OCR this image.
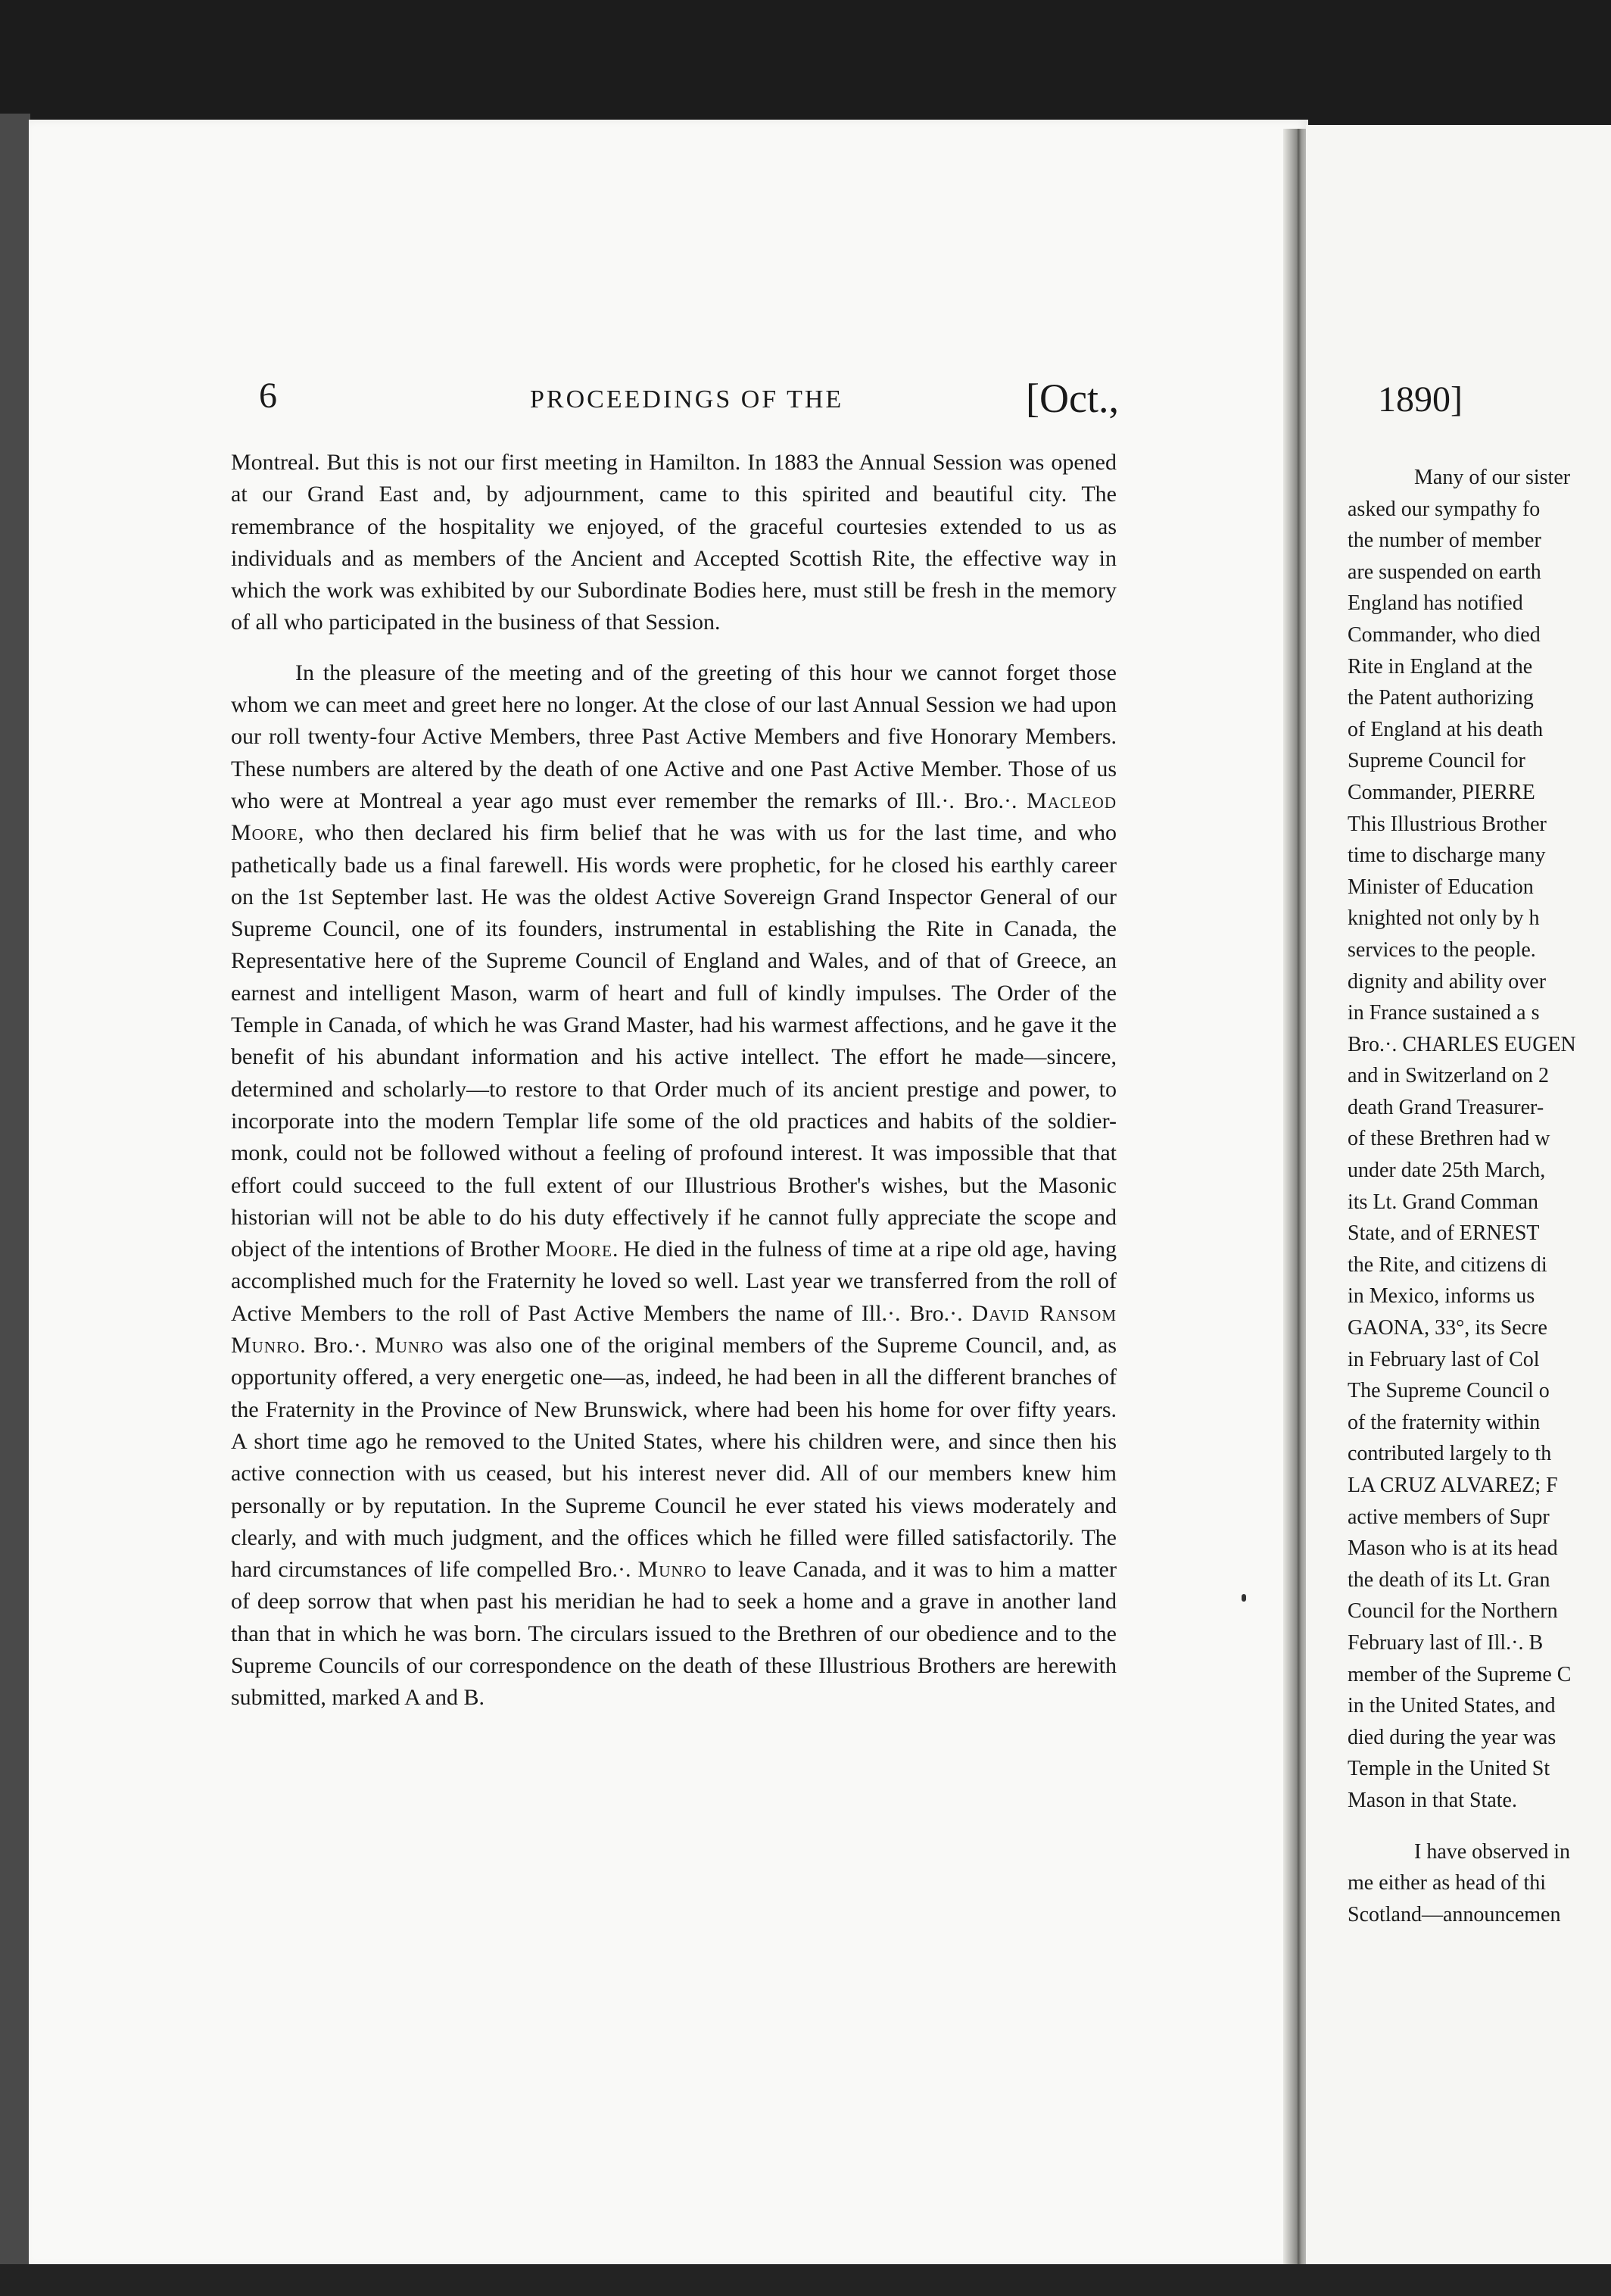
6	PROCEEDINGS OF THE	[Oct.,

Montreal. But this is not our first meeting in Hamilton. In 1883 the Annual Session was opened at our Grand East and, by adjournment, came to this spirited and beautiful city. The remembrance of the hospitality we enjoyed, of the graceful courtesies extended to us as individuals and as members of the Ancient and Accepted Scottish Rite, the effective way in which the work was exhibited by our Subordinate Bodies here, must still be fresh in the memory of all who participated in the business of that Session.

In the pleasure of the meeting and of the greeting of this hour we cannot forget those whom we can meet and greet here no longer. At the close of our last Annual Session we had upon our roll twenty-four Active Members, three Past Active Members and five Honorary Members. These numbers are altered by the death of one Active and one Past Active Member. Those of us who were at Montreal a year ago must ever remember the remarks of Ill.·. Bro.·. Macleod Moore, who then declared his firm belief that he was with us for the last time, and who pathetically bade us a final farewell. His words were prophetic, for he closed his earthly career on the 1st September last. He was the oldest Active Sovereign Grand Inspector General of our Supreme Council, one of its founders, instrumental in establishing the Rite in Canada, the Representative here of the Supreme Council of England and Wales, and of that of Greece, an earnest and intelligent Mason, warm of heart and full of kindly impulses. The Order of the Temple in Canada, of which he was Grand Master, had his warmest affections, and he gave it the benefit of his abundant information and his active intellect. The effort he made—sincere, determined and scholarly—to restore to that Order much of its ancient prestige and power, to incorporate into the modern Templar life some of the old practices and habits of the soldier-monk, could not be followed without a feeling of profound interest. It was impossible that that effort could succeed to the full extent of our Illustrious Brother's wishes, but the Masonic historian will not be able to do his duty effectively if he cannot fully appreciate the scope and object of the intentions of Brother Moore. He died in the fulness of time at a ripe old age, having accomplished much for the Fraternity he loved so well. Last year we transferred from the roll of Active Members to the roll of Past Active Members the name of Ill.·. Bro.·. David Ransom Munro. Bro.·. Munro was also one of the original members of the Supreme Council, and, as opportunity offered, a very energetic one—as, indeed, he had been in all the different branches of the Fraternity in the Province of New Brunswick, where had been his home for over fifty years. A short time ago he removed to the United States, where his children were, and since then his active connection with us ceased, but his interest never did. All of our members knew him personally or by reputation. In the Supreme Council he ever stated his views moderately and clearly, and with much judgment, and the offices which he filled were filled satisfactorily. The hard circumstances of life compelled Bro.·. Munro to leave Canada, and it was to him a matter of deep sorrow that when past his meridian he had to seek a home and a grave in another land than that in which he was born. The circulars issued to the Brethren of our obedience and to the Supreme Councils of our correspondence on the death of these Illustrious Brothers are herewith submitted, marked A and B.

1890]
Many of our sister
asked our sympathy fo
the number of member
are suspended on earth
England has notified
Commander, who died
Rite in England at the
the Patent authorizing
of England at his death
Supreme Council for
Commander, PIERRE
This Illustrious Brother
time to discharge many
Minister of Education
knighted not only by h
services to the people.
dignity and ability over
in France sustained a s
Bro.·. CHARLES EUGEN
and in Switzerland on 2
death Grand Treasurer-
of these Brethren had w
under date 25th March,
its Lt. Grand Comman
State, and of ERNEST
the Rite, and citizens di
in Mexico, informs us
GAONA, 33°, its Secre
in February last of Col
The Supreme Council o
of the fraternity within
contributed largely to th
LA CRUZ ALVAREZ; F
active members of Supr
Mason who is at its head
the death of its Lt. Gran
Council for the Northern
February last of Ill.·. B
member of the Supreme C
in the United States, and
died during the year was
Temple in the United St
Mason in that State.
I have observed in
me either as head of thi
Scotland—announcemen
